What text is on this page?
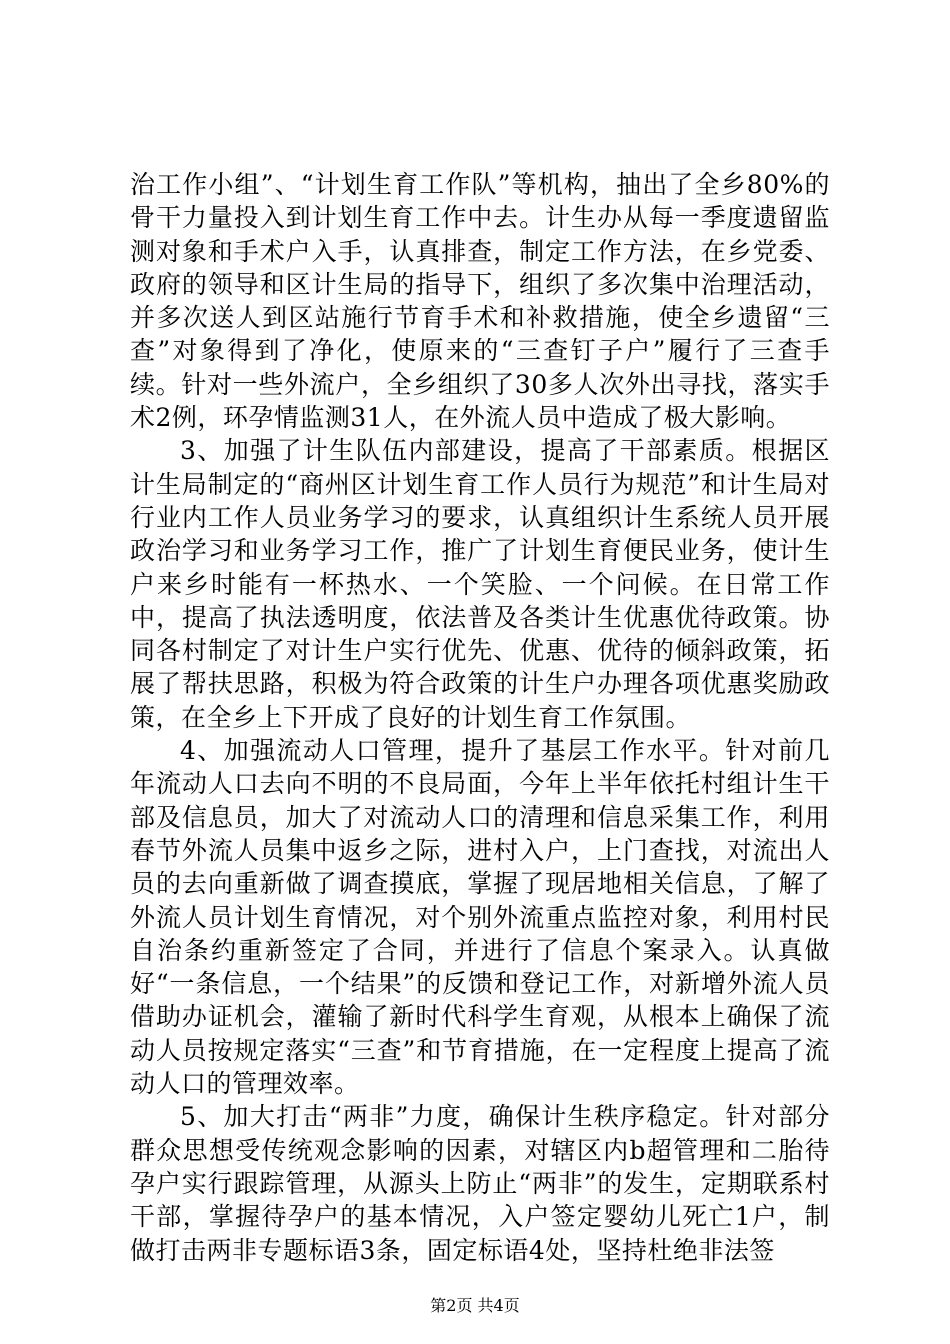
治工作小组”、“计划生育工作队”等机构，抽出了全乡80%的骨干力量投入到计划生育工作中去。计生办从每一季度遗留监测对象和手术户入手，认真排查，制定工作方法，在乡党委、政府的领导和区计生局的指导下，组织了多次集中治理活动，并多次送人到区站施行节育手术和补救措施，使全乡遗留“三查”对象得到了净化，使原来的“三查钉子户”履行了三查手续。针对一些外流户，全乡组织了30多人次外出寻找，落实手术2例，环孕情监测31人，在外流人员中造成了极大影响。

3、加强了计生队伍内部建设，提高了干部素质。根据区计生局制定的“商州区计划生育工作人员行为规范”和计生局对行业内工作人员业务学习的要求，认真组织计生系统人员开展政治学习和业务学习工作，推广了计划生育便民业务，使计生户来乡时能有一杯热水、一个笑脸、一个问候。在日常工作中，提高了执法透明度，依法普及各类计生优惠优待政策。协同各村制定了对计生户实行优先、优惠、优待的倾斜政策，拓展了帮扶思路，积极为符合政策的计生户办理各项优惠奖励政策，在全乡上下开成了良好的计划生育工作氛围。

4、加强流动人口管理，提升了基层工作水平。针对前几年流动人口去向不明的不良局面，今年上半年依托村组计生干部及信息员，加大了对流动人口的清理和信息采集工作，利用春节外流人员集中返乡之际，进村入户，上门查找，对流出人员的去向重新做了调查摸底，掌握了现居地相关信息，了解了外流人员计划生育情况，对个别外流重点监控对象，利用村民自治条约重新签定了合同，并进行了信息个案录入。认真做好“一条信息，一个结果”的反馈和登记工作，对新增外流人员借助办证机会，灌输了新时代科学生育观，从根本上确保了流动人员按规定落实“三查”和节育措施，在一定程度上提高了流动人口的管理效率。

5、加大打击“两非”力度，确保计生秩序稳定。针对部分群众思想受传统观念影响的因素，对辖区内b超管理和二胎待孕户实行跟踪管理，从源头上防止“两非”的发生，定期联系村干部，掌握待孕户的基本情况，入户签定婴幼儿死亡1户，制做打击两非专题标语3条，固定标语4处，坚持杜绝非法签

第2页 共4页
